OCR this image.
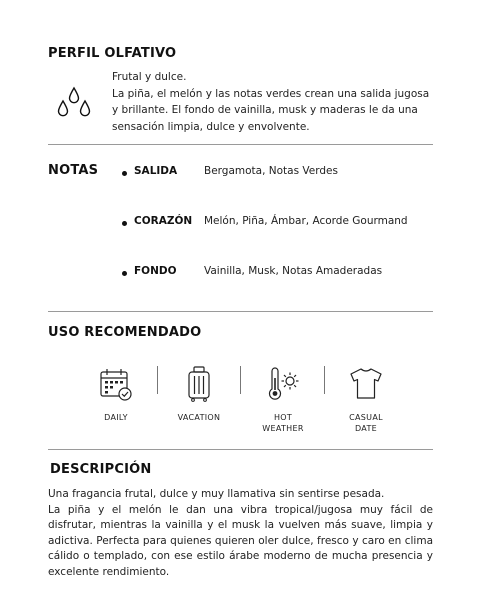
PERFIL OLFATIVO
Frutal y dulce.
La piña, el melón y las notas verdes crean una salida jugosa y brillante. El fondo de vainilla, musk y maderas le da una sensación limpia, dulce y envolvente.
NOTAS	SALIDA	Bergamota, Notas Verdes
CORAZÓN Melón, Piña, Ámbar, Acorde Gourmand
FONDO	Vainilla, Musk, Notas Amaderadas
USO RECOMENDADO
DAILY	VACATION	HOT
WEATHER
CASUAL
DATE
DESCRIPCIÓN
Una fragancia frutal, dulce y muy llamativa sin sentirse pesada.
La piña y el melón le dan una vibra tropical/jugosa muy fácil de disfrutar, mientras la vainilla y el musk la vuelven más suave, limpia y adictiva. Perfecta para quienes quieren oler dulce, fresco y caro en clima cálido o templado, con ese estilo árabe moderno de mucha presencia y excelente rendimiento.
